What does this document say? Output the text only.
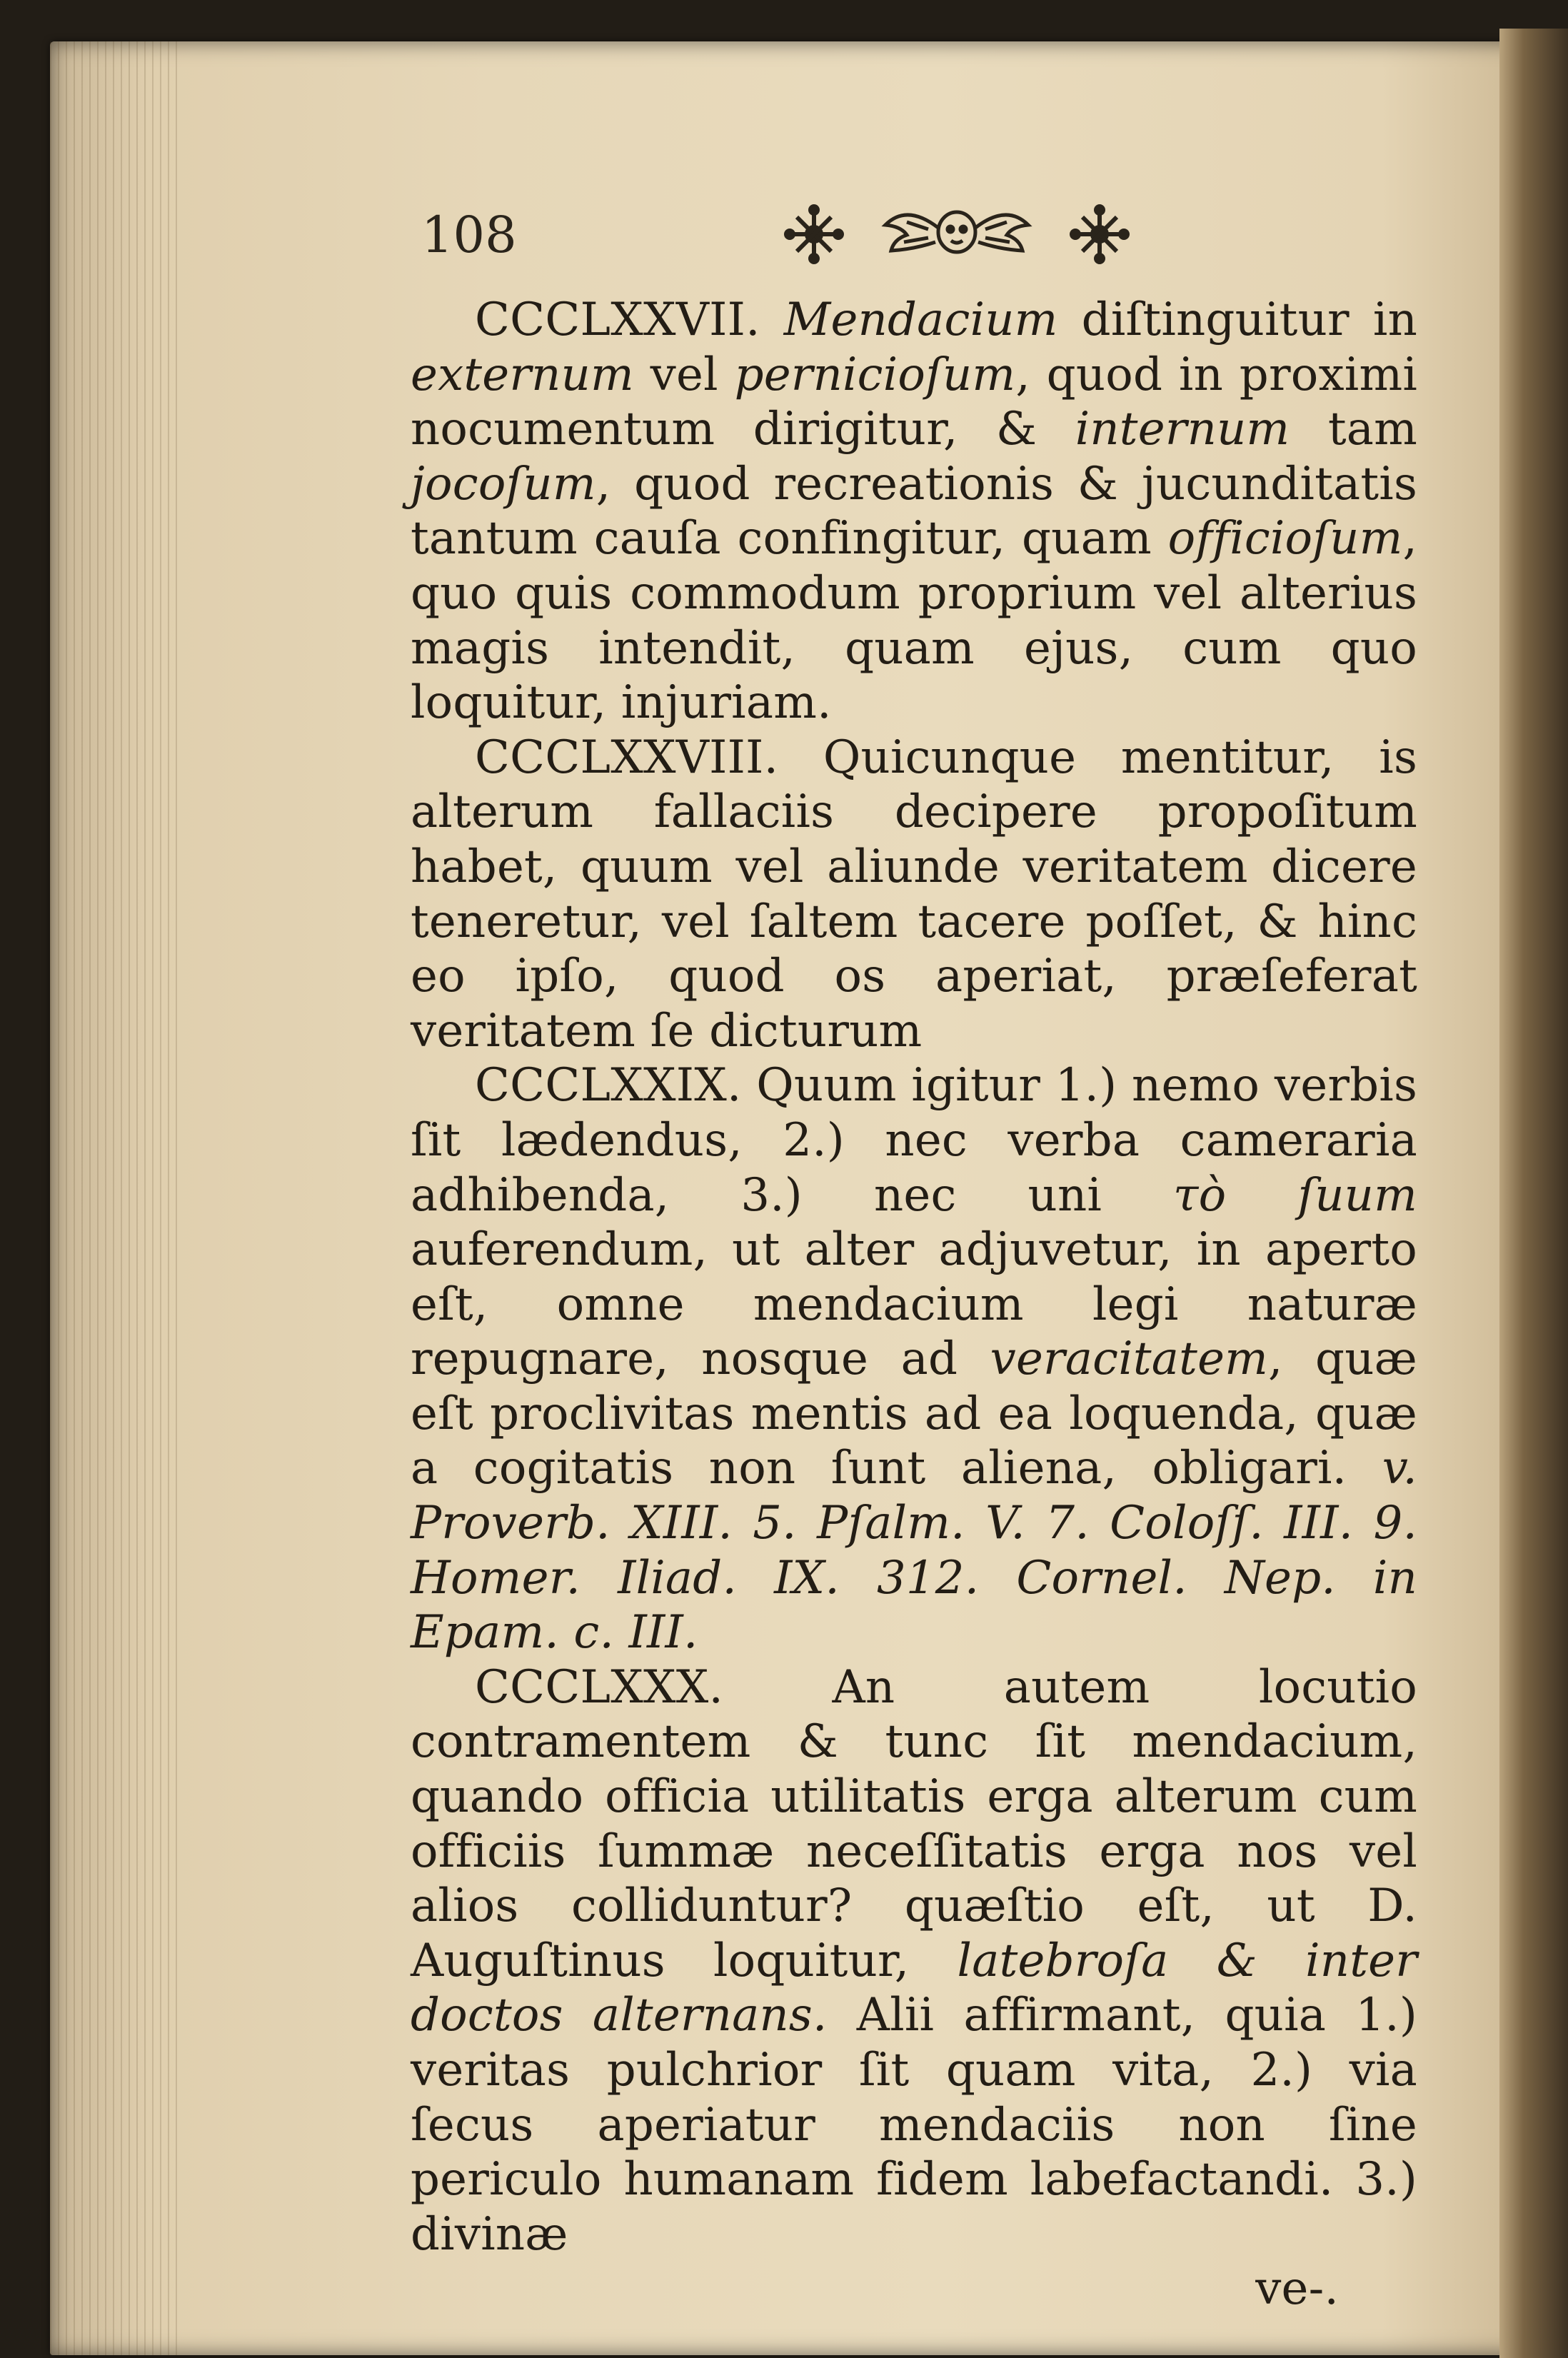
108

CCCLXXVII. Mendacium diſtinguitur in externum vel pernicioſum, quod in proximi nocumentum dirigitur, & internum tam jocoſum, quod recreationis & jucunditatis tantum cauſa confingitur, quam officioſum, quo quis commodum proprium vel alterius magis intendit, quam ejus, cum quo loquitur, injuriam.

CCCLXXVIII. Quicunque mentitur, is alterum fallaciis decipere propoſitum habet, quum vel aliunde veritatem dicere teneretur, vel ſaltem tacere poſſet, & hinc eo ipſo, quod os aperiat, præſeferat veritatem ſe dicturum

CCCLXXIX. Quum igitur 1.) nemo verbis ſit lædendus, 2.) nec verba cameraria adhibenda, 3.) nec uni τὸ ſuum auferendum, ut alter adjuvetur, in aperto eſt, omne mendacium legi naturæ repugnare, nosque ad veracitatem, quæ eſt proclivitas mentis ad ea loquenda, quæ a cogitatis non ſunt aliena, obligari. v. Proverb. XIII. 5. Pſalm. V. 7. Coloſſ. III. 9. Homer. Iliad. IX. 312. Cornel. Nep. in Epam. c. III.

CCCLXXX. An autem locutio contramentem & tunc ſit mendacium, quando officia utilitatis erga alterum cum officiis ſummæ neceſſitatis erga nos vel alios colliduntur? quæſtio eſt, ut D. Auguſtinus loquitur, latebroſa & inter doctos alternans. Alii affirmant, quia 1.) veritas pulchrior ſit quam vita, 2.) via ſecus aperiatur mendaciis non ſine periculo humanam fidem labefactandi. 3.) divinæ

ve-.
